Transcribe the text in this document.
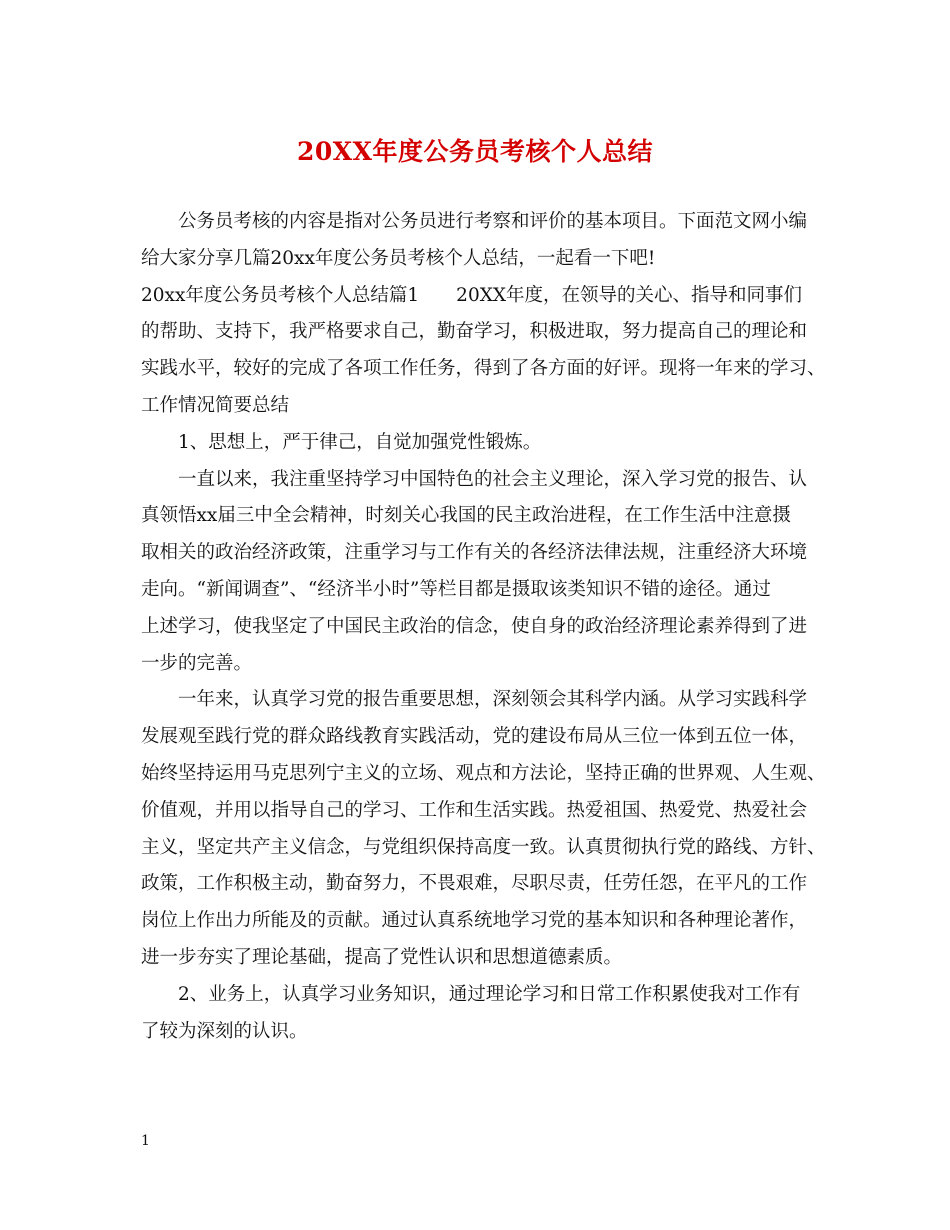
20XX年度公务员考核个人总结
公务员考核的内容是指对公务员进行考察和评价的基本项目。下面范文网小编
给大家分享几篇20xx年度公务员考核个人总结，一起看一下吧!
20xx年度公务员考核个人总结篇1　　20XX年度，在领导的关心、指导和同事们
的帮助、支持下，我严格要求自己，勤奋学习，积极进取，努力提高自己的理论和
实践水平，较好的完成了各项工作任务，得到了各方面的好评。现将一年来的学习、
工作情况简要总结
1、思想上，严于律己，自觉加强党性锻炼。
一直以来，我注重坚持学习中国特色的社会主义理论，深入学习党的报告、认
真领悟xx届三中全会精神，时刻关心我国的民主政治进程，在工作生活中注意摄
取相关的政治经济政策，注重学习与工作有关的各经济法律法规，注重经济大环境
走向。“新闻调查”、“经济半小时”等栏目都是摄取该类知识不错的途径。通过
上述学习，使我坚定了中国民主政治的信念，使自身的政治经济理论素养得到了进
一步的完善。
一年来，认真学习党的报告重要思想，深刻领会其科学内涵。从学习实践科学
发展观至践行党的群众路线教育实践活动，党的建设布局从三位一体到五位一体，
始终坚持运用马克思列宁主义的立场、观点和方法论，坚持正确的世界观、人生观、
价值观，并用以指导自己的学习、工作和生活实践。热爱祖国、热爱党、热爱社会
主义，坚定共产主义信念，与党组织保持高度一致。认真贯彻执行党的路线、方针、
政策，工作积极主动，勤奋努力，不畏艰难，尽职尽责，任劳任怨，在平凡的工作
岗位上作出力所能及的贡献。通过认真系统地学习党的基本知识和各种理论著作，
进一步夯实了理论基础，提高了党性认识和思想道德素质。
2、业务上，认真学习业务知识，通过理论学习和日常工作积累使我对工作有
了较为深刻的认识。
1
